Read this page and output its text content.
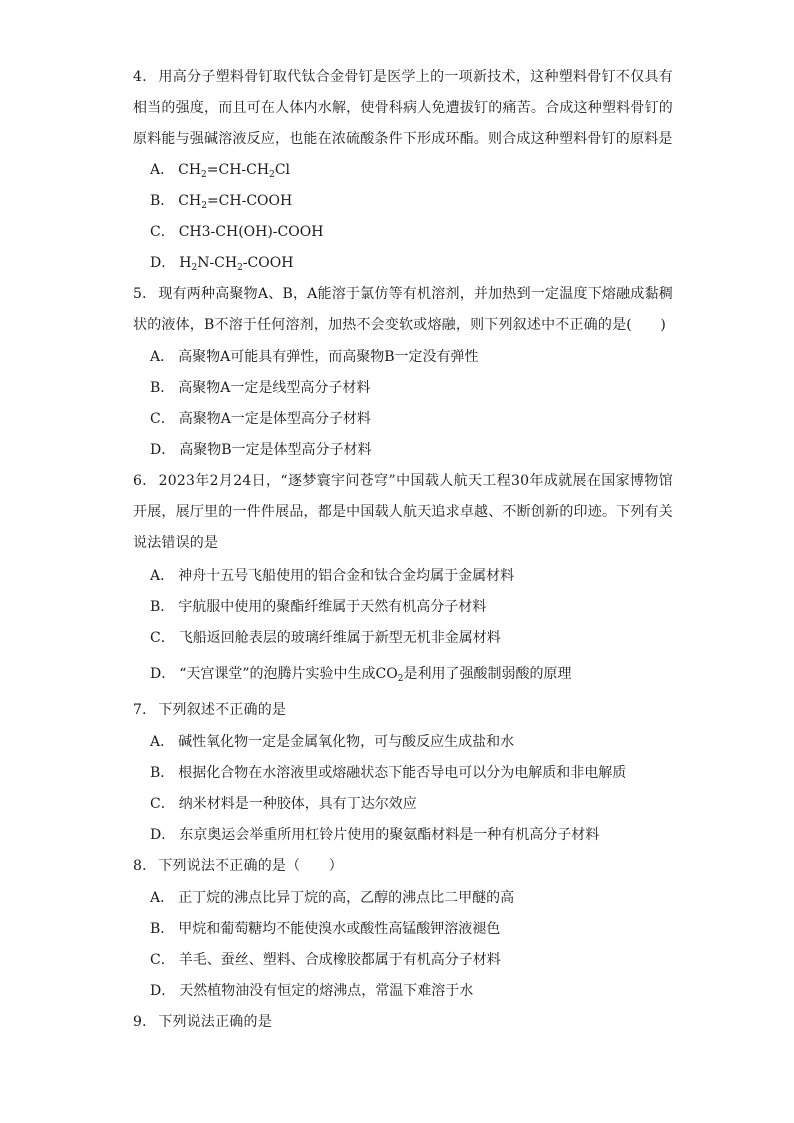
4． 用高分子塑料骨钉取代钛合金骨钉是医学上的一项新技术，这种塑料骨钉不仅具有相当的强度，而且可在人体内水解，使骨科病人免遭拔钉的痛苦。合成这种塑料骨钉的原料能与强碱溶液反应，也能在浓硫酸条件下形成环酯。则合成这种塑料骨钉的原料是
A． $CH_2=CH-CH_2Cl$
B． $CH_2=CH$-COOH
C． CH3-CH(OH)-COOH
D． $H_2N-CH_2$-COOH
5． 现有两种高聚物A、B，A能溶于氯仿等有机溶剂，并加热到一定温度下熔融成黏稠状的液体，B不溶于任何溶剂，加热不会变软或熔融，则下列叙述中不正确的是(　　)
A． 高聚物A可能具有弹性，而高聚物B一定没有弹性
B． 高聚物A一定是线型高分子材料
C． 高聚物A一定是体型高分子材料
D． 高聚物B一定是体型高分子材料
6． 2023年2月24日，“逐梦寰宇问苍穹”中国载人航天工程30年成就展在国家博物馆开展，展厅里的一件件展品，都是中国载人航天追求卓越、不断创新的印迹。下列有关说法错误的是
A． 神舟十五号飞船使用的铝合金和钛合金均属于金属材料
B． 宇航服中使用的聚酯纤维属于天然有机高分子材料
C． 飞船返回舱表层的玻璃纤维属于新型无机非金属材料
D． “天宫课堂”的泡腾片实验中生成$CO_2$是利用了强酸制弱酸的原理
7． 下列叙述不正确的是
A． 碱性氧化物一定是金属氧化物，可与酸反应生成盐和水
B． 根据化合物在水溶液里或熔融状态下能否导电可以分为电解质和非电解质
C． 纳米材料是一种胶体，具有丁达尔效应
D． 东京奥运会举重所用杠铃片使用的聚氨酯材料是一种有机高分子材料
8． 下列说法不正确的是（　　）
A． 正丁烷的沸点比异丁烷的高，乙醇的沸点比二甲醚的高
B． 甲烷和葡萄糖均不能使溴水或酸性高锰酸钾溶液褪色
C． 羊毛、蚕丝、塑料、合成橡胶都属于有机高分子材料
D． 天然植物油没有恒定的熔沸点，常温下难溶于水
9． 下列说法正确的是
